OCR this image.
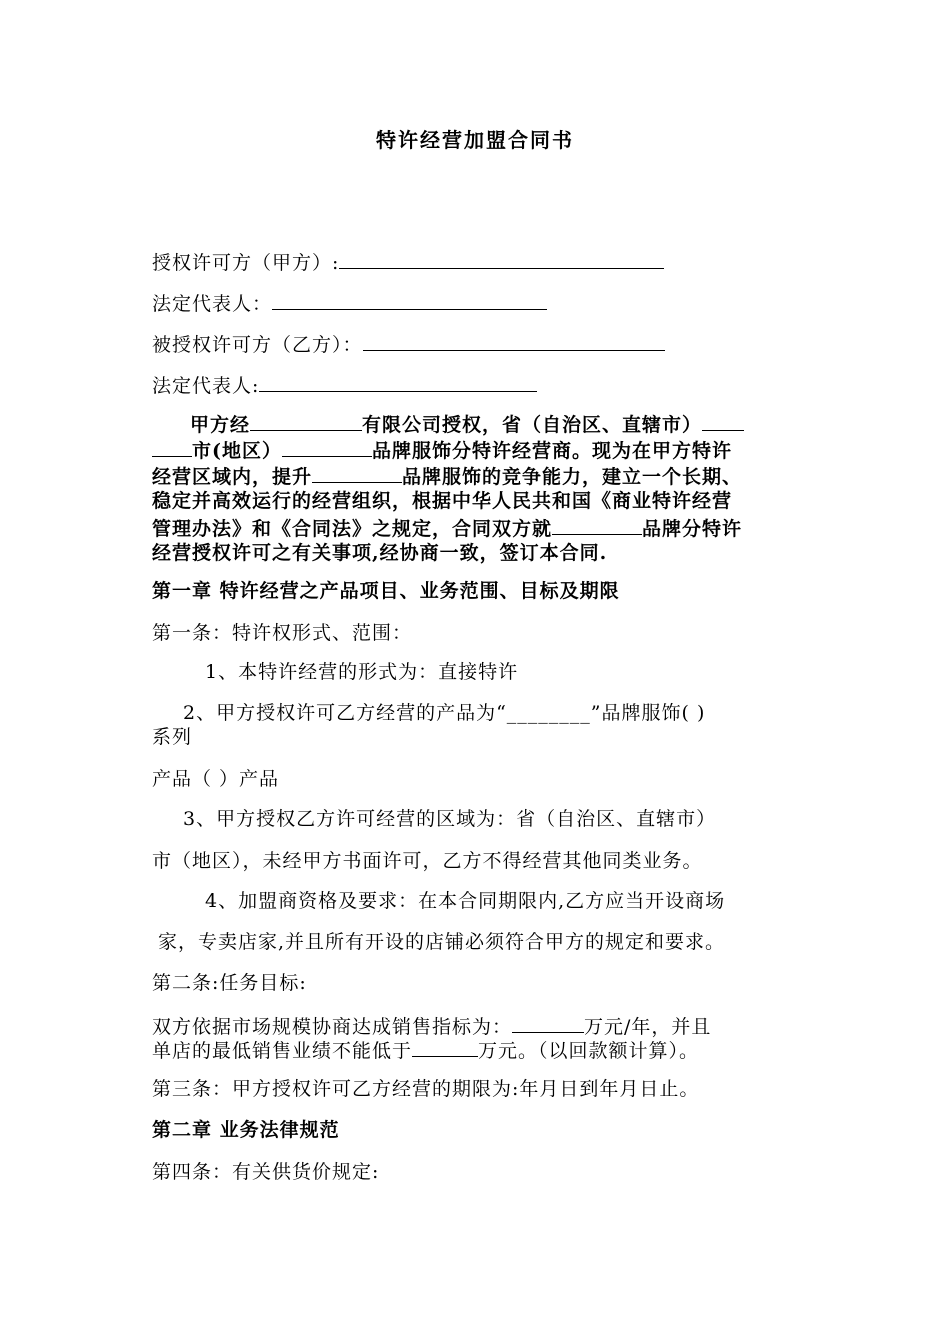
特许经营加盟合同书
授权许可方（甲方）:
法定代表人：
被授权许可方（乙方）：
法定代表人:
甲方经	有限公司授权，省（自治区、直辖市）
市(地区）	品牌服饰分特许经营商。现为在甲方特许
经营区域内，提升	品牌服饰的竞争能力，建立一个长期、
稳定并高效运行的经营组织，根据中华人民共和国《商业特许经营
管理办法》和《合同法》之规定，合同双方就	品牌分特许
经营授权许可之有关事项,经协商一致，签订本合同.
第一章 特许经营之产品项目、业务范围、目标及期限
第一条：特许权形式、范围：
1、本特许经营的形式为：直接特许
2、甲方授权许可乙方经营的产品为“________”品牌服饰( )
系列
产品（ ）产品
3、甲方授权乙方许可经营的区域为：省（自治区、直辖市）
市（地区），未经甲方书面许可，乙方不得经营其他同类业务。
4、加盟商资格及要求：在本合同期限内,乙方应当开设商场
家，专卖店家,并且所有开设的店铺必须符合甲方的规定和要求。
第二条:任务目标:
双方依据市场规模协商达成销售指标为：	万元/年，并且
单店的最低销售业绩不能低于	万元。（以回款额计算）。
第三条：甲方授权许可乙方经营的期限为:年月日到年月日止。
第二章 业务法律规范
第四条：有关供货价规定:
